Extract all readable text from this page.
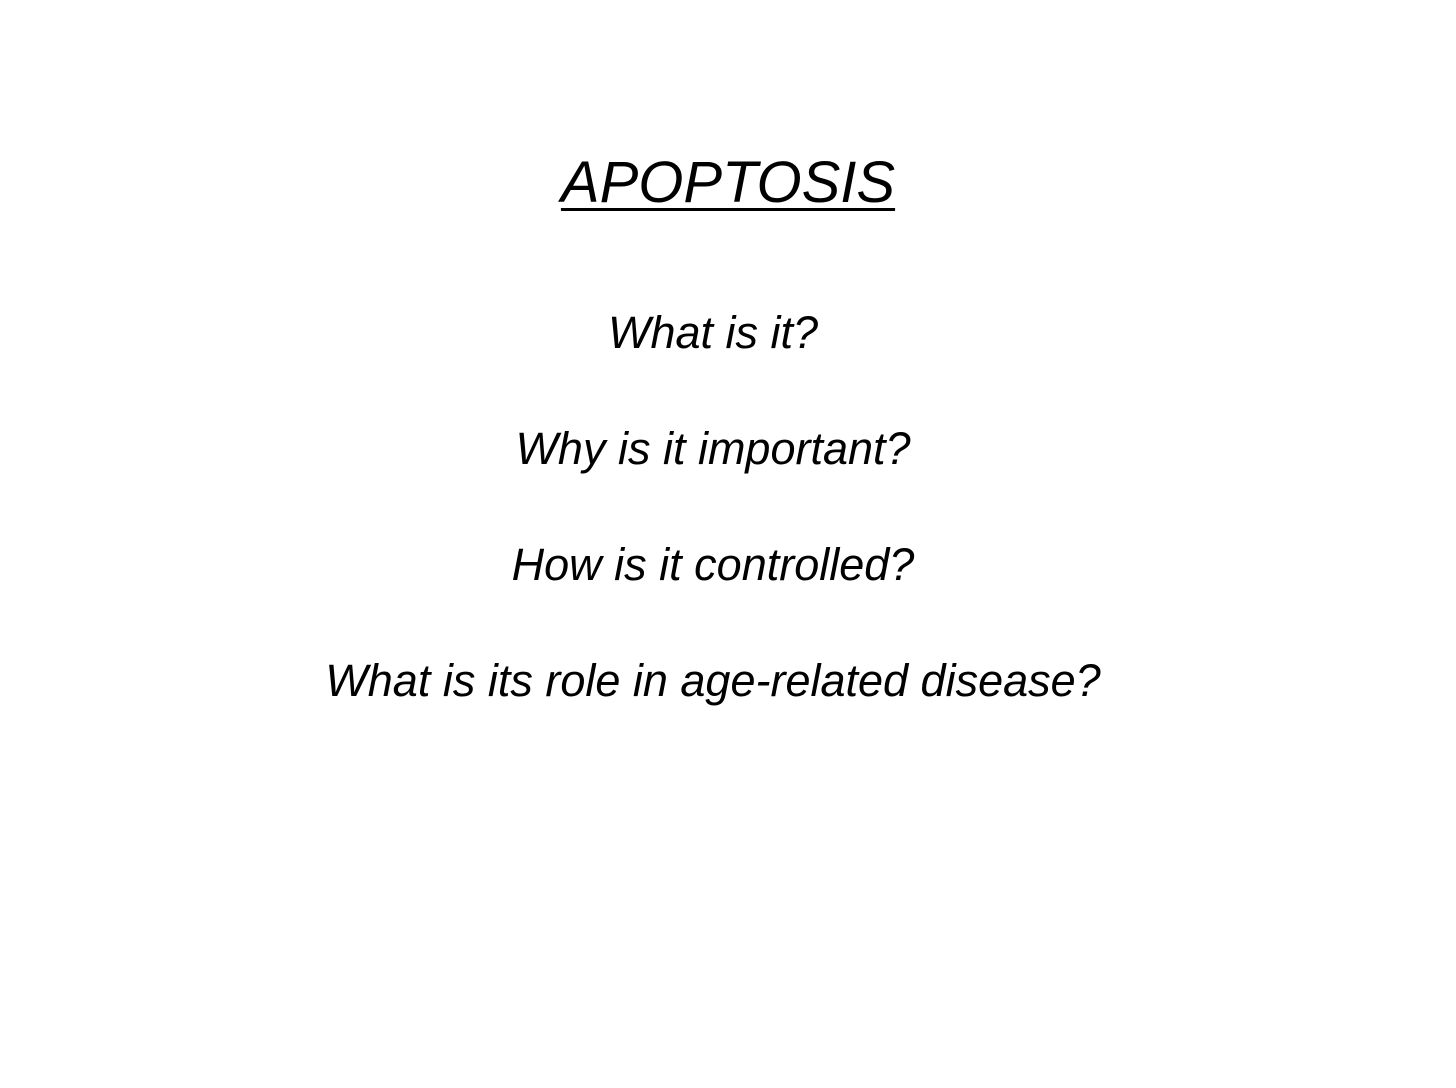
APOPTOSIS
What is it?
Why is it important?
How is it controlled?
What is its role in age-related disease?
